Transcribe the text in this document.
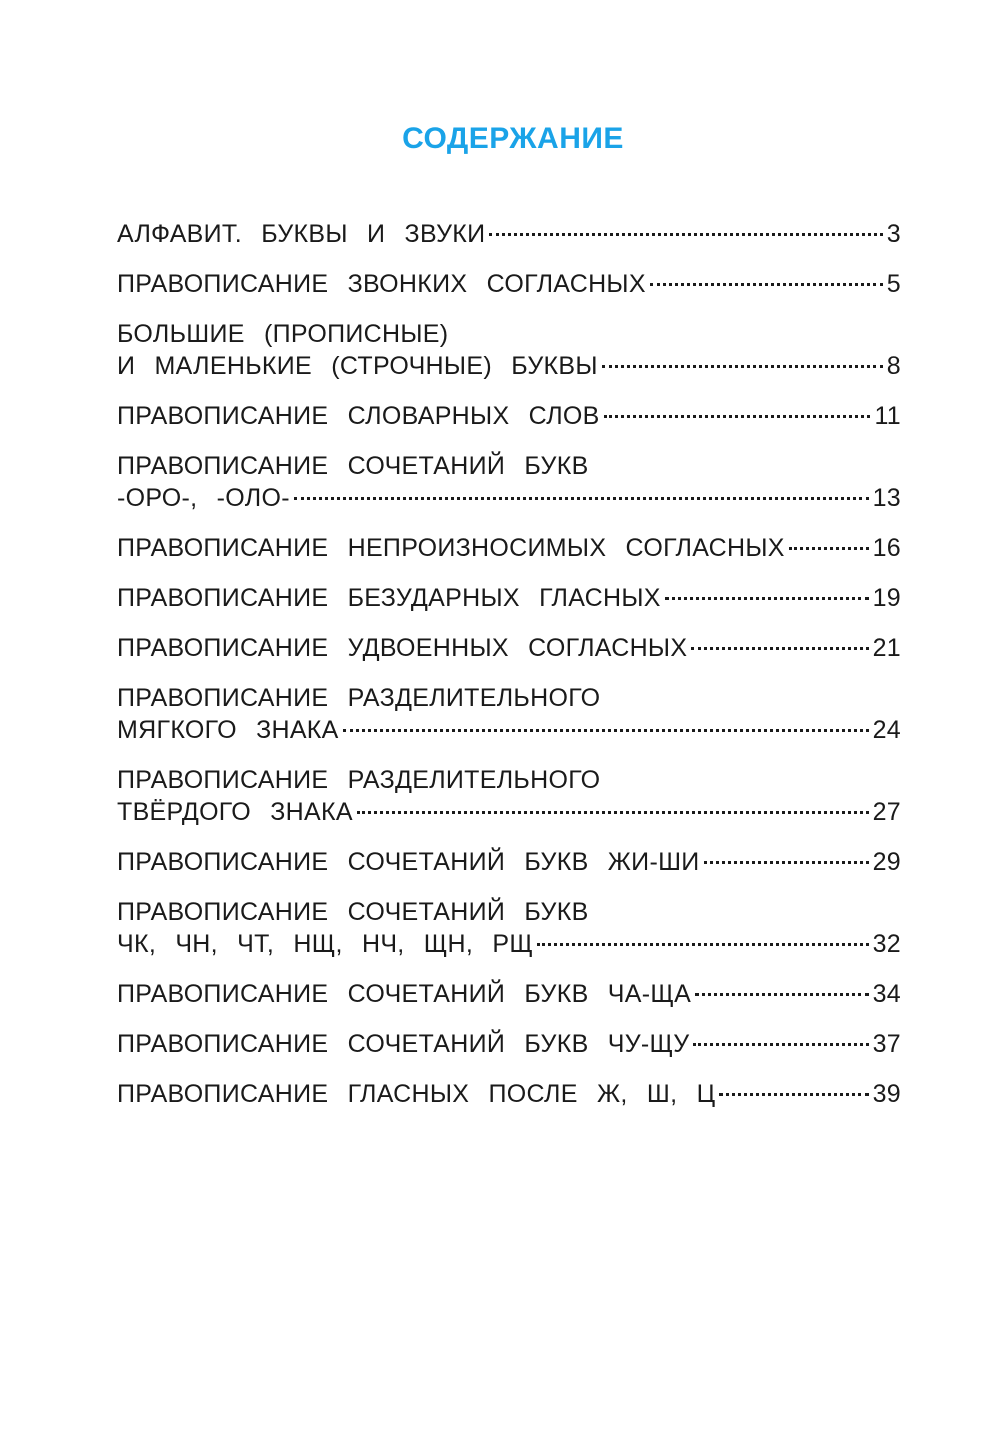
СОДЕРЖАНИЕ
АЛФАВИТ. БУКВЫ И ЗВУКИ	3
ПРАВОПИСАНИЕ ЗВОНКИХ СОГЛАСНЫХ	5
БОЛЬШИЕ (ПРОПИСНЫЕ)
И МАЛЕНЬКИЕ (СТРОЧНЫЕ) БУКВЫ	8
ПРАВОПИСАНИЕ СЛОВАРНЫХ СЛОВ	11
ПРАВОПИСАНИЕ СОЧЕТАНИЙ БУКВ
-ОРО-, -ОЛО-	13
ПРАВОПИСАНИЕ НЕПРОИЗНОСИМЫХ СОГЛАСНЫХ	16
ПРАВОПИСАНИЕ БЕЗУДАРНЫХ ГЛАСНЫХ	19
ПРАВОПИСАНИЕ УДВОЕННЫХ СОГЛАСНЫХ	21
ПРАВОПИСАНИЕ РАЗДЕЛИТЕЛЬНОГО
МЯГКОГО ЗНАКА	24
ПРАВОПИСАНИЕ РАЗДЕЛИТЕЛЬНОГО
ТВЁРДОГО ЗНАКА	27
ПРАВОПИСАНИЕ СОЧЕТАНИЙ БУКВ ЖИ-ШИ	29
ПРАВОПИСАНИЕ СОЧЕТАНИЙ БУКВ
ЧК, ЧН, ЧТ, НЩ, НЧ, ЩН, РЩ	32
ПРАВОПИСАНИЕ СОЧЕТАНИЙ БУКВ ЧА-ЩА	34
ПРАВОПИСАНИЕ СОЧЕТАНИЙ БУКВ ЧУ-ЩУ	37
ПРАВОПИСАНИЕ ГЛАСНЫХ ПОСЛЕ Ж, Ш, Ц	39
